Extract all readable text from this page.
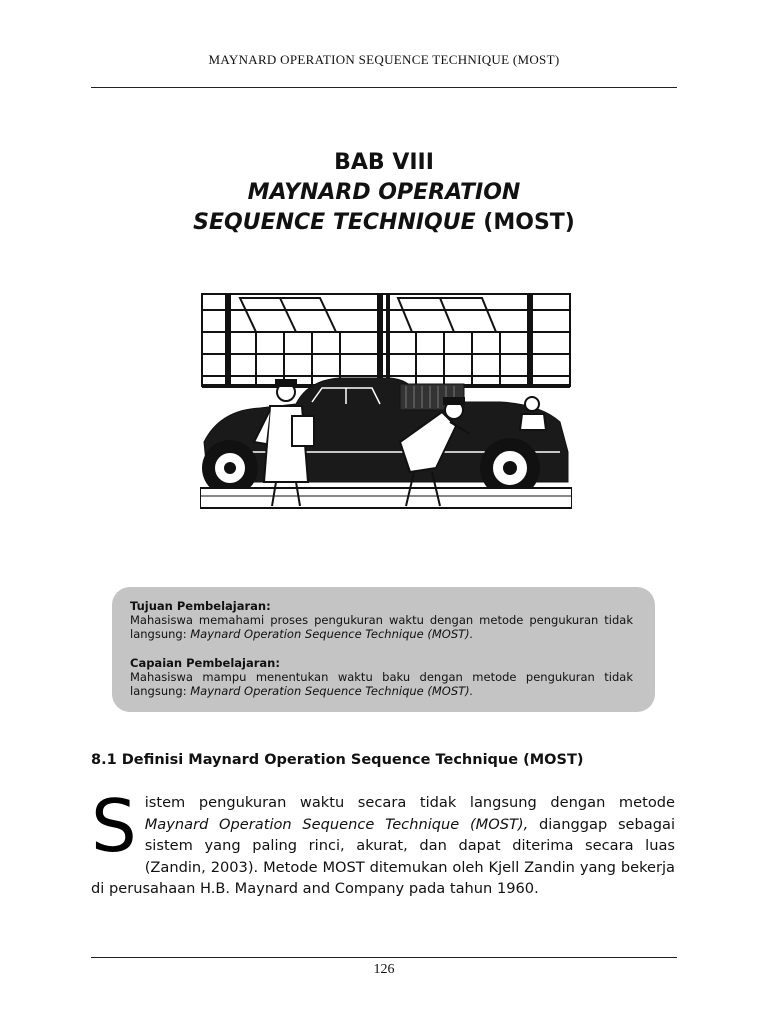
MAYNARD OPERATION SEQUENCE TECHNIQUE (MOST)
BAB VIII
MAYNARD OPERATION
SEQUENCE TECHNIQUE (MOST)

Tujuan Pembelajaran:

Mahasiswa memahami proses pengukuran waktu dengan metode pengukuran tidak langsung: Maynard Operation Sequence Technique (MOST).

Capaian Pembelajaran:

Mahasiswa mampu menentukan waktu baku dengan metode pengukuran tidak langsung: Maynard Operation Sequence Technique (MOST).

8.1 Definisi Maynard Operation Sequence Technique (MOST)
Sistem pengukuran waktu secara tidak langsung dengan metode Maynard Operation Sequence Technique (MOST), dianggap sebagai sistem yang paling rinci, akurat, dan dapat diterima secara luas (Zandin, 2003). Metode MOST ditemukan oleh Kjell Zandin yang bekerja di perusahaan H.B. Maynard and Company pada tahun 1960.
126
